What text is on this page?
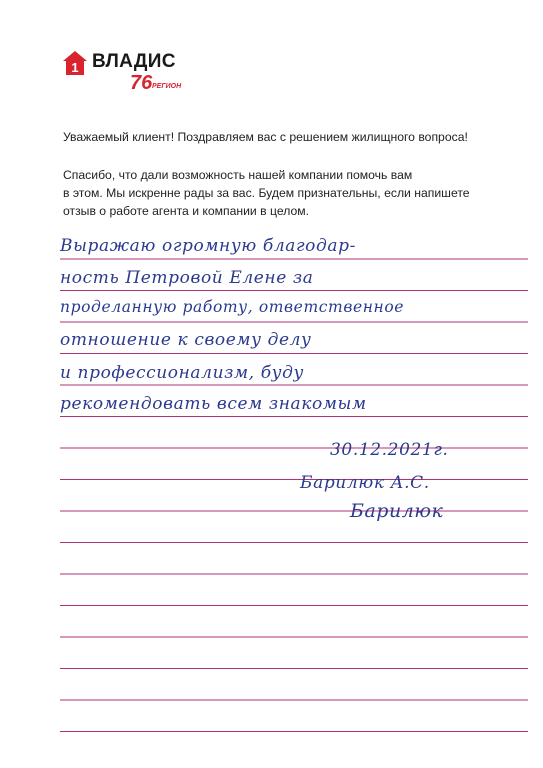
1 ВЛАДИС
76 РЕГИОН
Уважаемый клиент! Поздравляем вас с решением жилищного вопроса!
Спасибо, что дали возможность нашей компании помочь вам
в этом. Мы искренне рады за вас. Будем признательны, если напишете
отзыв о работе агента и компании в целом.
Выражаю огромную благодар-
ность Петровой Елене за
проделанную работу, ответственное
отношение к своему делу
и профессионализм, буду
рекомендовать всем знакомым
30.12.2021г.
Барилюк А.С.
Барилюк
